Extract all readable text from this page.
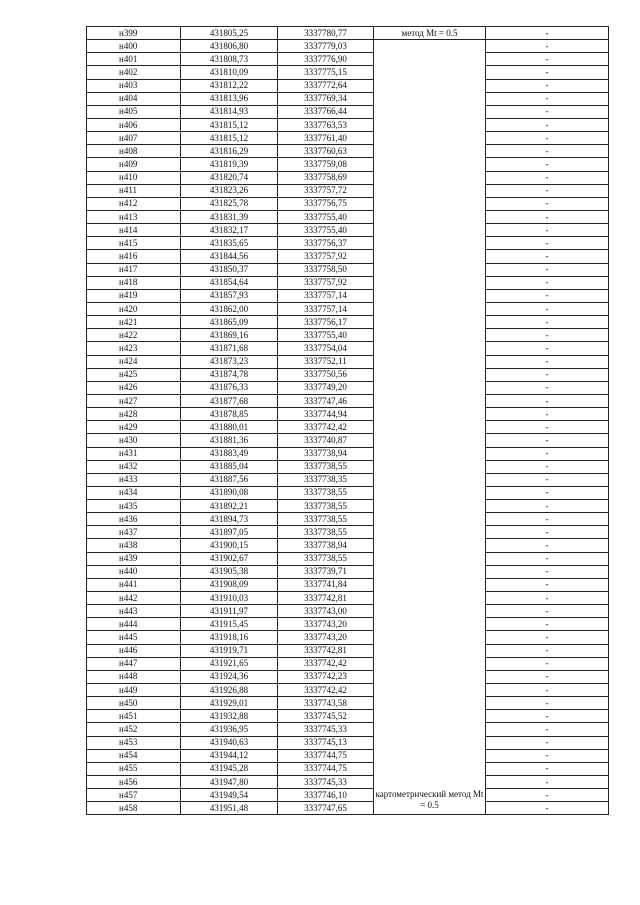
н399	431805,25	3337780,77	метод Mt = 0.5	-
н400	431806,80	3337779,03		-
н401	431808,73	3337776,90		-
н402	431810,09	3337775,15		-
н403	431812,22	3337772,64		-
н404	431813,96	3337769,34		-
н405	431814,93	3337766,44		-
н406	431815,12	3337763,53		-
н407	431815,12	3337761,40		-
н408	431816,29	3337760,63		-
н409	431819,39	3337759,08		-
н410	431820,74	3337758,69		-
н411	431823,26	3337757,72		-
н412	431825,78	3337756,75		-
н413	431831,39	3337755,40		-
н414	431832,17	3337755,40		-
н415	431835,65	3337756,37		-
н416	431844,56	3337757,92		-
н417	431850,37	3337758,50		-
н418	431854,64	3337757,92		-
н419	431857,93	3337757,14		-
н420	431862,00	3337757,14		-
н421	431865,09	3337756,17		-
н422	431869,16	3337755,40		-
н423	431871,68	3337754,04		-
н424	431873,23	3337752,11		-
н425	431874,78	3337750,56		-
н426	431876,33	3337749,20		-
н427	431877,68	3337747,46		-
н428	431878,85	3337744,94		-
н429	431880,01	3337742,42		-
н430	431881,36	3337740,87		-
н431	431883,49	3337738,94		-
н432	431885,04	3337738,55		-
н433	431887,56	3337738,35		-
н434	431890,08	3337738,55		-
н435	431892,21	3337738,55		-
н436	431894,73	3337738,55		-
н437	431897,05	3337738,55		-
н438	431900,15	3337738,94		-
н439	431902,67	3337738,55		-
н440	431905,38	3337739,71		-
н441	431908,09	3337741,84		-
н442	431910,03	3337742,81		-
н443	431911,97	3337743,00		-
н444	431915,45	3337743,20		-
н445	431918,16	3337743,20		-
н446	431919,71	3337742,81		-
н447	431921,65	3337742,42		-
н448	431924,36	3337742,23		-
н449	431926,88	3337742,42		-
н450	431929,01	3337743,58		-
н451	431932,88	3337745,52		-
н452	431936,95	3337745,33		-
н453	431940,63	3337745,13		-
н454	431944,12	3337744,75		-
н455	431945,28	3337744,75		-
н456	431947,80	3337745,33		-
н457	431949,54	3337746,10	картометрический метод Mt = 0.5	-
н458	431951,48	3337747,65		-
